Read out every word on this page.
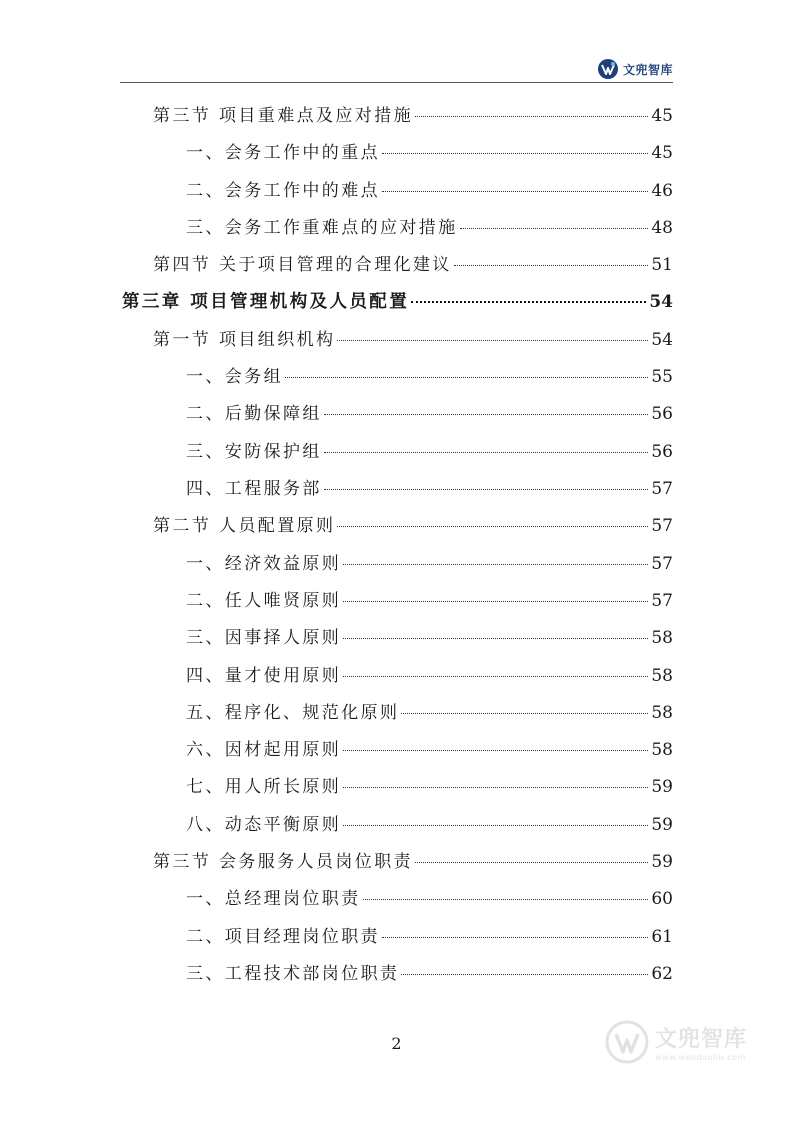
文兜智库
第三节 项目重难点及应对措施	45
一、会务工作中的重点	45
二、会务工作中的难点	46
三、会务工作重难点的应对措施	48
第四节 关于项目管理的合理化建议	51
第三章 项目管理机构及人员配置	54
第一节 项目组织机构	54
一、会务组	55
二、后勤保障组	56
三、安防保护组	56
四、工程服务部	57
第二节 人员配置原则	57
一、经济效益原则	57
二、任人唯贤原则	57
三、因事择人原则	58
四、量才使用原则	58
五、程序化、规范化原则	58
六、因材起用原则	58
七、用人所长原则	59
八、动态平衡原则	59
第三节 会务服务人员岗位职责	59
一、总经理岗位职责	60
二、项目经理岗位职责	61
三、工程技术部岗位职责	62
2	文兜智库
www.wendoulib.com
